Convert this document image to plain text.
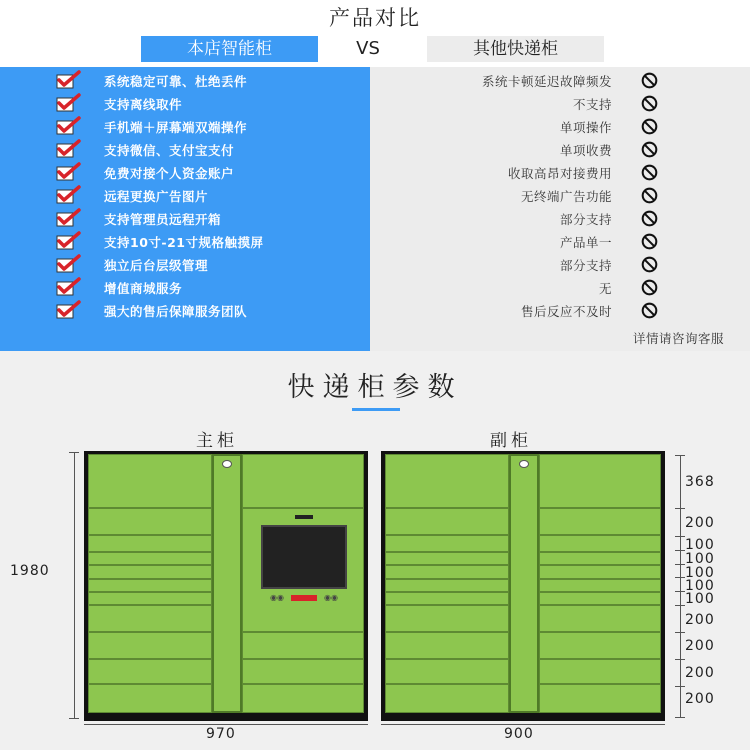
产品对比
本店智能柜	VS	其他快递柜
系统稳定可靠、杜绝丢件	系统卡顿延迟故障频发
支持离线取件	不支持
手机端＋屏幕端双端操作	单项操作
支持微信、支付宝支付	单项收费
免费对接个人资金账户	收取高昂对接费用
远程更换广告图片	无终端广告功能
支持管理员远程开箱	部分支持
支持10寸-21寸规格触摸屏	产品单一
独立后台层级管理	部分支持
增值商城服务	无
强大的售后保障服务团队	售后反应不及时
详情请咨询客服
快递柜参数
主柜	副柜
◉◉	◉◉
1980
970	900
368
200
100
100
100
100
100
200
200
200
200
